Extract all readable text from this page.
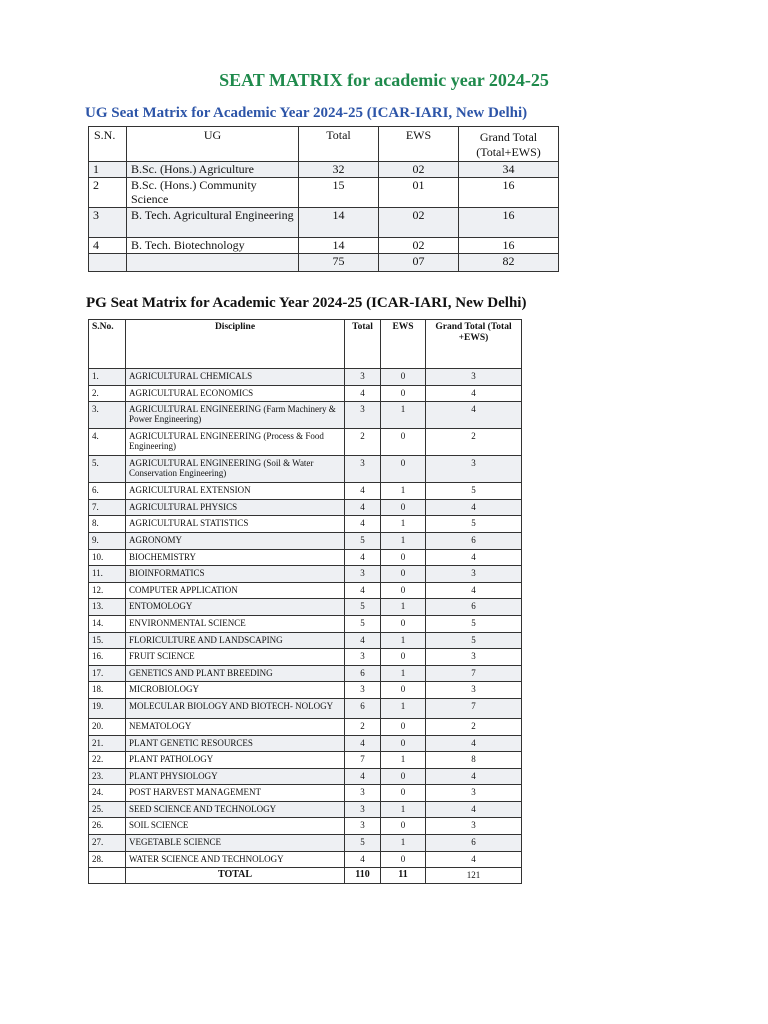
SEAT MATRIX for academic year 2024-25
UG Seat Matrix for Academic Year 2024-25 (ICAR-IARI, New Delhi)
S.N.	UG	Total	EWS	Grand Total (Total+EWS)
1	B.Sc. (Hons.) Agriculture	32	02	34
2	B.Sc. (Hons.) Community Science	15	01	16
3	B. Tech. Agricultural Engineering	14	02	16
4	B. Tech. Biotechnology	14	02	16
		75	07	82
PG Seat Matrix for Academic Year 2024-25 (ICAR-IARI, New Delhi)
S.No.	Discipline	Total	EWS	Grand Total (Total +EWS)
1.	AGRICULTURAL CHEMICALS	3	0	3
2.	AGRICULTURAL ECONOMICS	4	0	4
3.	AGRICULTURAL ENGINEERING (Farm Machinery & Power Engineering)	3	1	4
4.	AGRICULTURAL ENGINEERING (Process & Food Engineering)	2	0	2
5.	AGRICULTURAL ENGINEERING (Soil & Water Conservation Engineering)	3	0	3
6.	AGRICULTURAL EXTENSION	4	1	5
7.	AGRICULTURAL PHYSICS	4	0	4
8.	AGRICULTURAL STATISTICS	4	1	5
9.	AGRONOMY	5	1	6
10.	BIOCHEMISTRY	4	0	4
11.	BIOINFORMATICS	3	0	3
12.	COMPUTER APPLICATION	4	0	4
13.	ENTOMOLOGY	5	1	6
14.	ENVIRONMENTAL SCIENCE	5	0	5
15.	FLORICULTURE AND LANDSCAPING	4	1	5
16.	FRUIT SCIENCE	3	0	3
17.	GENETICS AND PLANT BREEDING	6	1	7
18.	MICROBIOLOGY	3	0	3
19.	MOLECULAR BIOLOGY AND BIOTECH- NOLOGY	6	1	7
20.	NEMATOLOGY	2	0	2
21.	PLANT GENETIC RESOURCES	4	0	4
22.	PLANT PATHOLOGY	7	1	8
23.	PLANT PHYSIOLOGY	4	0	4
24.	POST HARVEST MANAGEMENT	3	0	3
25.	SEED SCIENCE AND TECHNOLOGY	3	1	4
26.	SOIL SCIENCE	3	0	3
27.	VEGETABLE SCIENCE	5	1	6
28.	WATER SCIENCE AND TECHNOLOGY	4	0	4
	TOTAL	110	11	121
